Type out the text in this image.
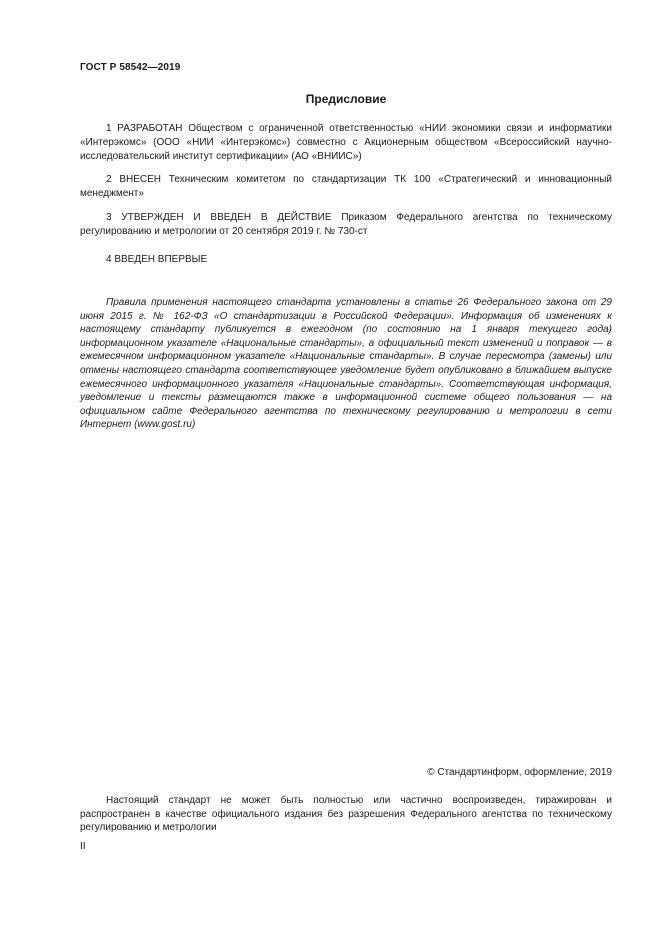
ГОСТ Р 58542—2019
Предисловие

1 РАЗРАБОТАН Обществом с ограниченной ответственностью «НИИ экономики связи и информатики «Интерэкомс» (ООО «НИИ «Интерэкомс») совместно с Акционерным обществом «Всероссийский научно-исследовательский институт сертификации» (АО «ВНИИС»)

2 ВНЕСЕН Техническим комитетом по стандартизации ТК 100 «Стратегический и инновационный менеджмент»

3 УТВЕРЖДЕН И ВВЕДЕН В ДЕЙСТВИЕ Приказом Федерального агентства по техническому регулированию и метрологии от 20 сентября 2019 г. № 730-ст

4 ВВЕДЕН ВПЕРВЫЕ

Правила применения настоящего стандарта установлены в статье 26 Федерального закона от 29 июня 2015 г. № 162-ФЗ «О стандартизации в Российской Федерации». Информация об изменениях к настоящему стандарту публикуется в ежегодном (по состоянию на 1 января текущего года) информационном указателе «Национальные стандарты», а официальный текст изменений и поправок — в ежемесячном информационном указателе «Национальные стандарты». В случае пересмотра (замены) или отмены настоящего стандарта соответствующее уведомление будет опубликовано в ближайшем выпуске ежемесячного информационного указателя «Национальные стандарты». Соответствующая информация, уведомление и тексты размещаются также в информационной системе общего пользования — на официальном сайте Федерального агентства по техническому регулированию и метрологии в сети Интернет (www.gost.ru)

© Стандартинформ, оформление, 2019

Настоящий стандарт не может быть полностью или частично воспроизведен, тиражирован и распространен в качестве официального издания без разрешения Федерального агентства по техническому регулированию и метрологии

II
